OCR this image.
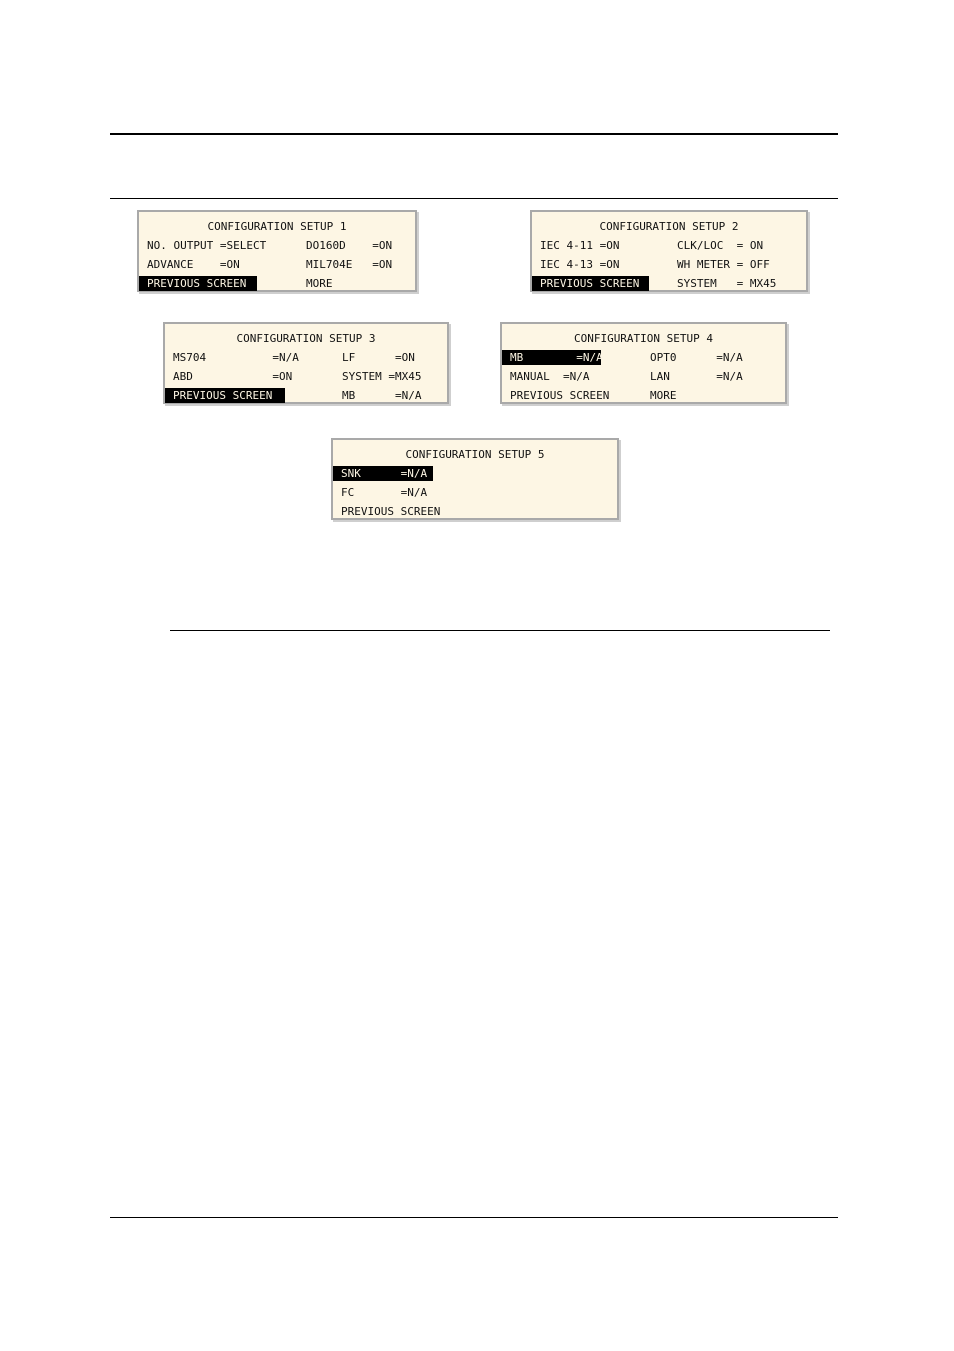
CONFIGURATION SETUP 1
NO. OUTPUT =SELECT	DO160D    =ON
ADVANCE    =ON	MIL704E   =ON
PREVIOUS SCREEN	MORE
CONFIGURATION SETUP 2
IEC 4-11 =ON	CLK/LOC  = ON
IEC 4-13 =ON	WH METER = OFF
PREVIOUS SCREEN	SYSTEM   = MX45
CONFIGURATION SETUP 3
MS704          =N/A	LF      =ON
ABD            =ON	SYSTEM =MX45
PREVIOUS SCREEN	MB      =N/A
CONFIGURATION SETUP 4
MB        =N/A	OPT0      =N/A
MANUAL  =N/A	LAN       =N/A
PREVIOUS SCREEN	MORE
CONFIGURATION SETUP 5
SNK      =N/A
FC       =N/A
PREVIOUS SCREEN
